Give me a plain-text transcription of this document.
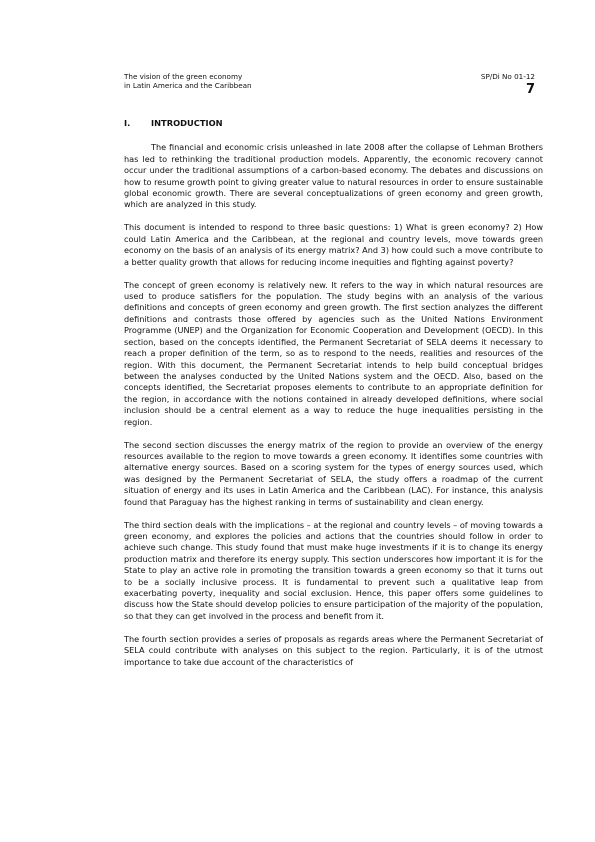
The vision of the green economy
in Latin America and the Caribbean
SP/Di No 01-12
7
I.	INTRODUCTION

The financial and economic crisis unleashed in late 2008 after the collapse of Lehman Brothers has led to rethinking the traditional production models. Apparently, the economic recovery cannot occur under the traditional assumptions of a carbon-based economy. The debates and discussions on how to resume growth point to giving greater value to natural resources in order to ensure sustainable global economic growth. There are several conceptualizations of green economy and green growth, which are analyzed in this study.

This document is intended to respond to three basic questions: 1) What is green economy? 2) How could Latin America and the Caribbean, at the regional and country levels, move towards green economy on the basis of an analysis of its energy matrix? And 3) how could such a move contribute to a better quality growth that allows for reducing income inequities and fighting against poverty?

The concept of green economy is relatively new. It refers to the way in which natural resources are used to produce satisfiers for the population. The study begins with an analysis of the various definitions and concepts of green economy and green growth. The first section analyzes the different definitions and contrasts those offered by agencies such as the United Nations Environment Programme (UNEP) and the Organization for Economic Cooperation and Development (OECD). In this section, based on the concepts identified, the Permanent Secretariat of SELA deems it necessary to reach a proper definition of the term, so as to respond to the needs, realities and resources of the region. With this document, the Permanent Secretariat intends to help build conceptual bridges between the analyses conducted by the United Nations system and the OECD. Also, based on the concepts identified, the Secretariat proposes elements to contribute to an appropriate definition for the region, in accordance with the notions contained in already developed definitions, where social inclusion should be a central element as a way to reduce the huge inequalities persisting in the region.

The second section discusses the energy matrix of the region to provide an overview of the energy resources available to the region to move towards a green economy. It identifies some countries with alternative energy sources. Based on a scoring system for the types of energy sources used, which was designed by the Permanent Secretariat of SELA, the study offers a roadmap of the current situation of energy and its uses in Latin America and the Caribbean (LAC). For instance, this analysis found that Paraguay has the highest ranking in terms of sustainability and clean energy.

The third section deals with the implications – at the regional and country levels – of moving towards a green economy, and explores the policies and actions that the countries should follow in order to achieve such change. This study found that must make huge investments if it is to change its energy production matrix and therefore its energy supply. This section underscores how important it is for the State to play an active role in promoting the transition towards a green economy so that it turns out to be a socially inclusive process. It is fundamental to prevent such a qualitative leap from exacerbating poverty, inequality and social exclusion. Hence, this paper offers some guidelines to discuss how the State should develop policies to ensure participation of the majority of the population, so that they can get involved in the process and benefit from it.

The fourth section provides a series of proposals as regards areas where the Permanent Secretariat of SELA could contribute with analyses on this subject to the region. Particularly, it is of the utmost importance to take due account of the characteristics of
